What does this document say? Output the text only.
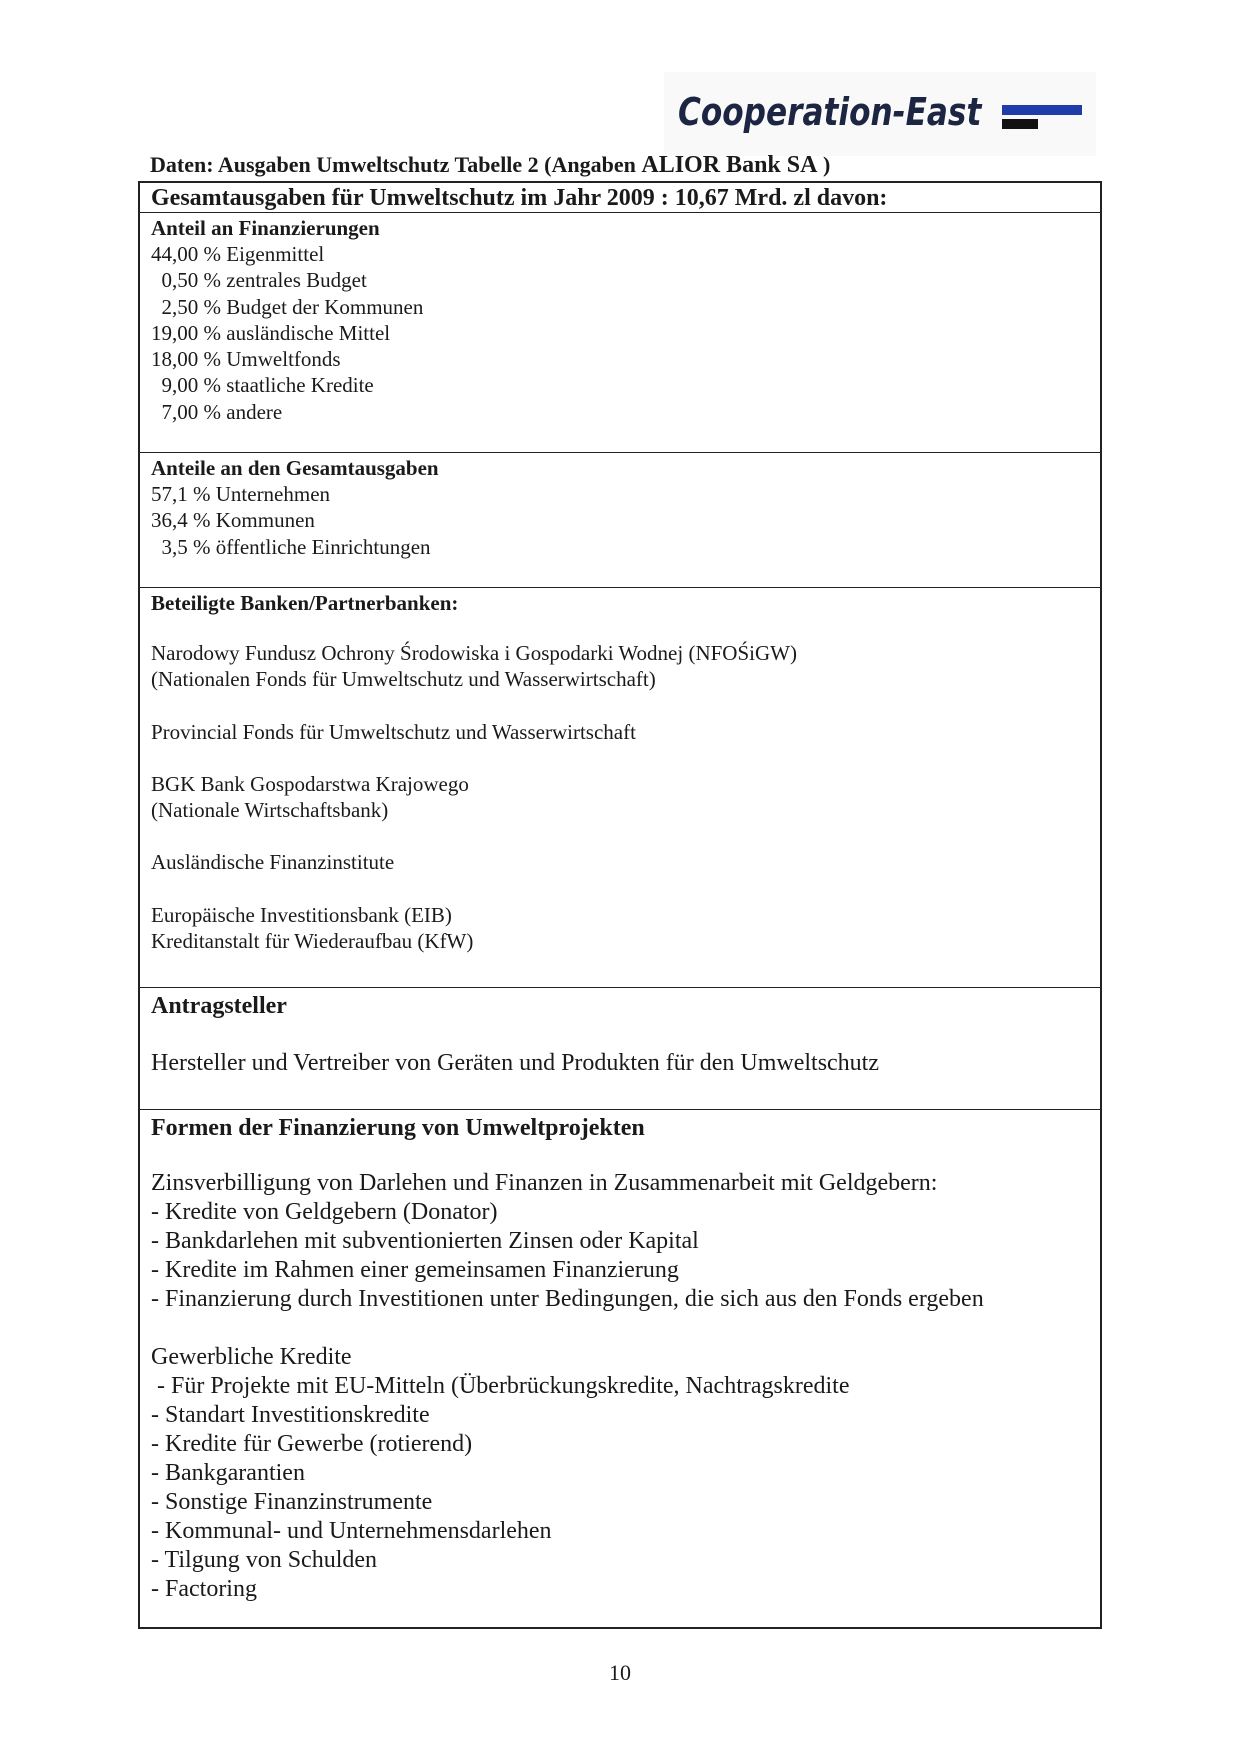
Cooperation-East
Daten: Ausgaben Umweltschutz Tabelle 2 (Angaben ALIOR Bank SA )
Gesamtausgaben für Umweltschutz im Jahr 2009 : 10,67 Mrd. zl davon:
Anteil an Finanzierungen
44,00 % Eigenmittel
0,50 % zentrales Budget
2,50 % Budget der Kommunen
19,00 % ausländische Mittel
18,00 % Umweltfonds
9,00 % staatliche Kredite
7,00 % andere
Anteile an den Gesamtausgaben
57,1 % Unternehmen
36,4 % Kommunen
3,5 % öffentliche Einrichtungen
Beteiligte Banken/Partnerbanken:
Narodowy Fundusz Ochrony Środowiska i Gospodarki Wodnej (NFOŚiGW)
(Nationalen Fonds für Umweltschutz und Wasserwirtschaft)
Provincial Fonds für Umweltschutz und Wasserwirtschaft
BGK Bank Gospodarstwa Krajowego
(Nationale Wirtschaftsbank)
Ausländische Finanzinstitute
Europäische Investitionsbank (EIB)
Kreditanstalt für Wiederaufbau (KfW)
Antragsteller
Hersteller und Vertreiber von Geräten und Produkten für den Umweltschutz
Formen der Finanzierung von Umweltprojekten
Zinsverbilligung von Darlehen und Finanzen in Zusammenarbeit mit Geldgebern:
- Kredite von Geldgebern (Donator)
- Bankdarlehen mit subventionierten Zinsen oder Kapital
- Kredite im Rahmen einer gemeinsamen Finanzierung
- Finanzierung durch Investitionen unter Bedingungen, die sich aus den Fonds ergeben
Gewerbliche Kredite
- Für Projekte mit EU-Mitteln (Überbrückungskredite, Nachtragskredite
- Standart Investitionskredite
- Kredite für Gewerbe (rotierend)
- Bankgarantien
- Sonstige Finanzinstrumente
- Kommunal- und Unternehmensdarlehen
- Tilgung von Schulden
- Factoring
10
